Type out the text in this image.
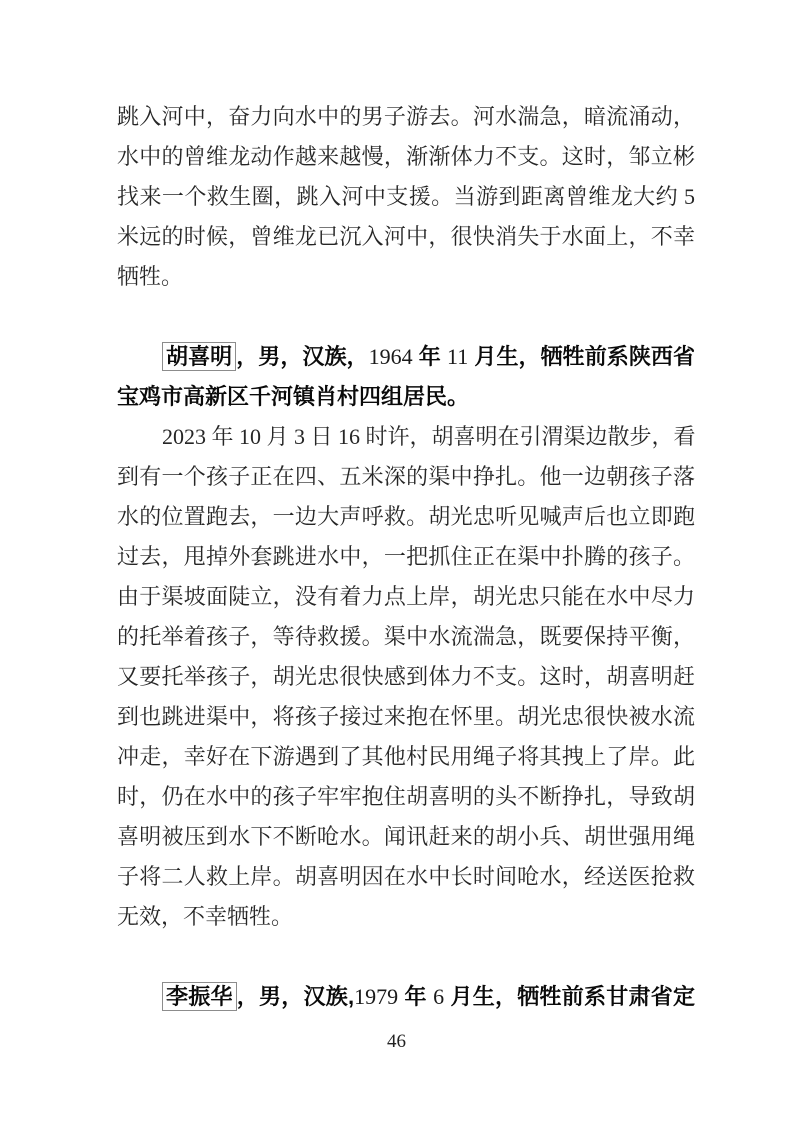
跳入河中，奋力向水中的男子游去。河水湍急，暗流涌动，
水中的曾维龙动作越来越慢，渐渐体力不支。这时，邹立彬
找来一个救生圈，跳入河中支援。当游到距离曾维龙大约 5
米远的时候，曾维龙已沉入河中，很快消失于水面上，不幸
牺牲。
胡喜明 ，男，汉族，1964 年 11 月生，牺牲前系陕西省
宝鸡市高新区千河镇肖村四组居民。
2023 年 10 月 3 日 16 时许，胡喜明在引渭渠边散步，看
到有一个孩子正在四、五米深的渠中挣扎。他一边朝孩子落
水的位置跑去，一边大声呼救。胡光忠听见喊声后也立即跑
过去，甩掉外套跳进水中，一把抓住正在渠中扑腾的孩子。
由于渠坡面陡立，没有着力点上岸，胡光忠只能在水中尽力
的托举着孩子，等待救援。渠中水流湍急，既要保持平衡，
又要托举孩子，胡光忠很快感到体力不支。这时，胡喜明赶
到也跳进渠中，将孩子接过来抱在怀里。胡光忠很快被水流
冲走，幸好在下游遇到了其他村民用绳子将其拽上了岸。此
时，仍在水中的孩子牢牢抱住胡喜明的头不断挣扎，导致胡
喜明被压到水下不断呛水。闻讯赶来的胡小兵、胡世强用绳
子将二人救上岸。胡喜明因在水中长时间呛水，经送医抢救
无效，不幸牺牲。
李振华 ，男，汉族,1979 年 6 月生，牺牲前系甘肃省定
46
